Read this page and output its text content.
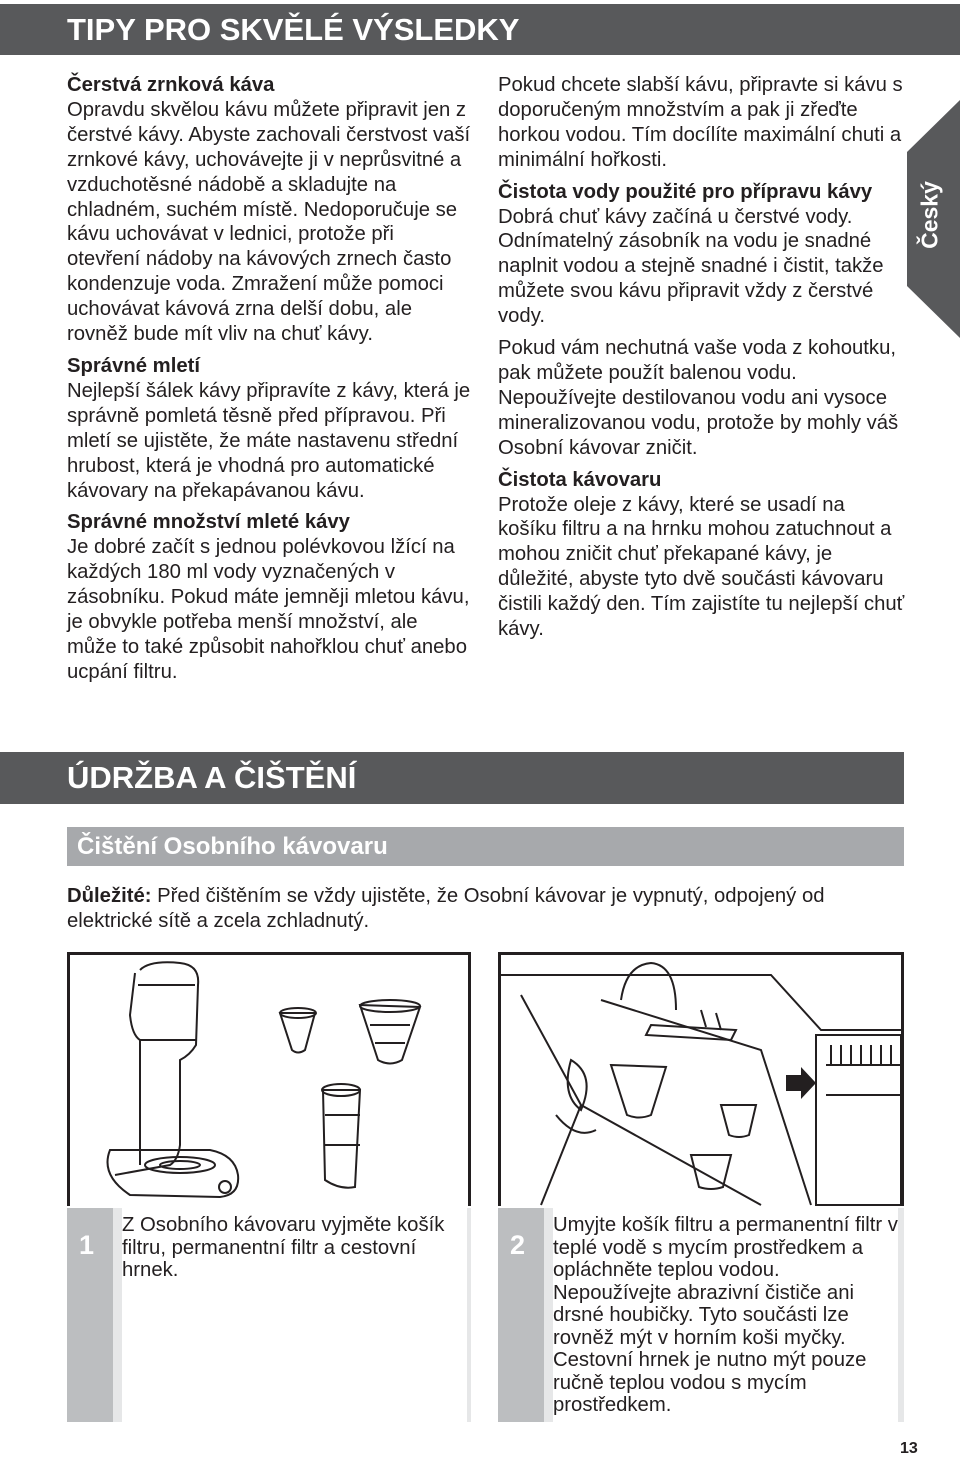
TIPY PRO SKVĚLÉ VÝSLEDKY
Český
Čerstvá zrnková káva

Opravdu skvělou kávu můžete připravit jen z čerstvé kávy. Abyste zachovali čerstvost vaší zrnkové kávy, uchovávejte ji v neprůsvitné a vzduchotěsné nádobě a skladujte na chladném, suchém místě. Nedoporučuje se kávu uchovávat v lednici, protože při otevření nádoby na kávových zrnech často kondenzuje voda. Zmražení může pomoci uchovávat kávová zrna delší dobu, ale rovněž bude mít vliv na chuť kávy.

Správné mletí

Nejlepší šálek kávy připravíte z kávy, která je správně pomletá těsně před přípravou. Při mletí se ujistěte, že máte nastavenu střední hrubost, která je vhodná pro automatické kávovary na překapávanou kávu.

Správné množství mleté kávy

Je dobré začít s jednou polévkovou lžící na každých 180 ml vody vyznačených v zásobníku. Pokud máte jemněji mletou kávu, je obvykle potřeba menší množství, ale může to také způsobit nahořklou chuť anebo ucpání filtru.

Pokud chcete slabší kávu, připravte si kávu s doporučeným množstvím a pak ji zřeďte horkou vodou. Tím docílíte maximální chuti a minimální hořkosti.

Čistota vody použité pro přípravu kávy

Dobrá chuť kávy začíná u čerstvé vody. Odnímatelný zásobník na vodu je snadné naplnit vodou a stejně snadné i čistit, takže můžete svou kávu připravit vždy z čerstvé vody.

Pokud vám nechutná vaše voda z kohoutku, pak můžete použít balenou vodu. Nepoužívejte destilovanou vodu ani vysoce mineralizovanou vodu, protože by mohly váš Osobní kávovar zničit.

Čistota kávovaru

Protože oleje z kávy, které se usadí na košíku filtru a na hrnku mohou zatuchnout a mohou zničit chuť překapané kávy, je důležité, abyste tyto dvě součásti kávovaru čistili každý den. Tím zajistíte tu nejlepší chuť kávy.

ÚDRŽBA A ČIŠTĚNÍ
Čištění Osobního kávovaru
Důležité: Před čištěním se vždy ujistěte, že Osobní kávovar je vypnutý, odpojený od elektrické sítě a zcela zchladnutý.
1
Z Osobního kávovaru vyjměte košík filtru, permanentní filtr a cestovní hrnek.
2
Umyjte košík filtru a permanentní filtr v teplé vodě s mycím prostředkem a opláchněte teplou vodou. Nepoužívejte abrazivní čističe ani drsné houbičky. Tyto součásti lze rovněž mýt v horním koši myčky. Cestovní hrnek je nutno mýt pouze ručně teplou vodou s mycím prostředkem.
13
